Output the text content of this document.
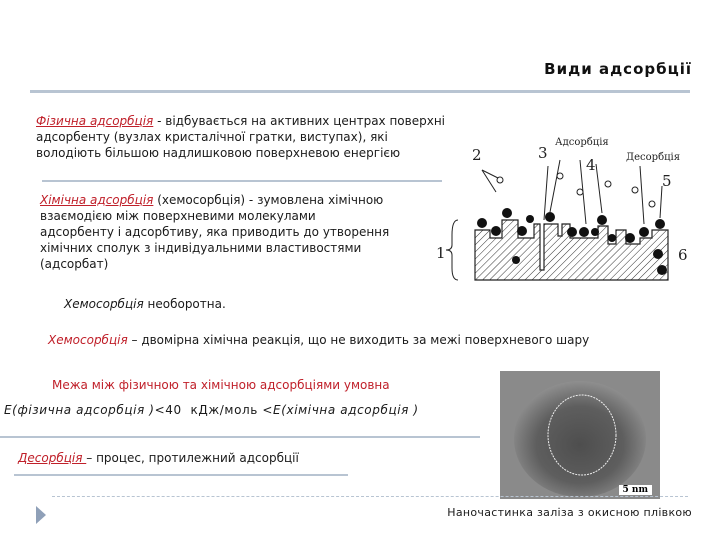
Види адсорбції
Фізична адсорбція - відбувається на активних центрах поверхні адсорбенту (вузлах кристалічної гратки, виступах), які володіють більшою надлишковою поверхневою енергією
Хімічна адсорбція (хемосорбція) - зумовлена хімічною взаємодією між поверхневими молекулами адсорбенту і адсорбтиву, яка приводить до утворення хімічних сполук з індивідуальними властивостями (адсорбат)
Хемосорбція необоротна.
Хемосорбція – двомірна хімічна реакція, що не виходить за межі поверхневого шару
Межа між фізичною та хімічною адсорбціями умовна
E(фізична адсорбція )<40 кДж/моль <E(хімічна адсорбція )
Десорбція – процес, протилежний адсорбції
Адсорбція
Десорбція
1
2	3
4
5
6
5 nm
Наночастинка заліза з окисною плівкою
